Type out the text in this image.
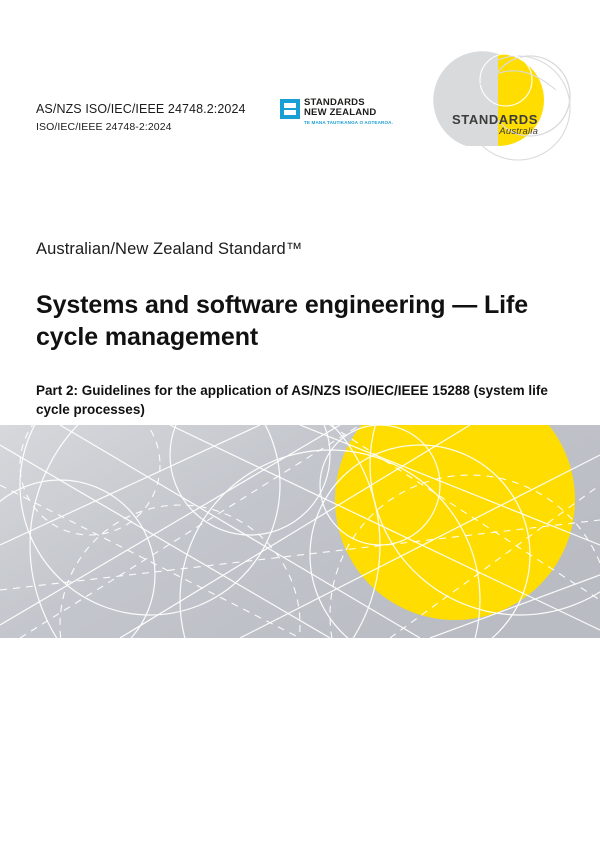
AS/NZS ISO/IEC/IEEE 24748.2:2024
ISO/IEC/IEEE 24748-2:2024
STANDARDS
NEW ZEALAND
TE MANA TAUTIKANGA O AOTEAROA.	STANDARDS
Australia

Australian/New Zealand Standard™

Systems and software engineering — Life cycle management

Part 2: Guidelines for the application of AS/NZS ISO/IEC/IEEE 15288 (system life cycle processes)
